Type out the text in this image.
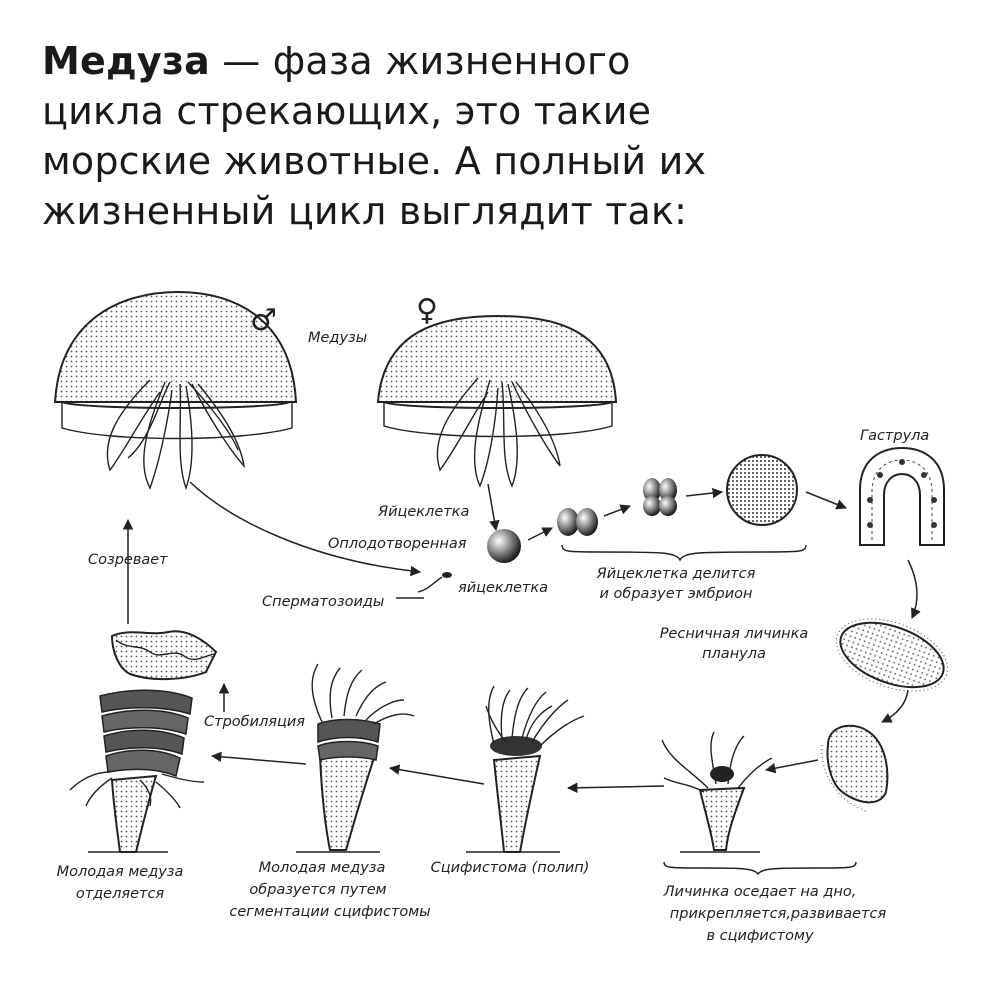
Медуза — фаза жизненного
цикла стрекающих, это такие
морские животные. А полный их
жизненный цикл выглядит так:
♂	♀
Медузы
Яйцеклетка
Оплодотворенная
яйцеклетка
Сперматозоиды
Яйцеклетка делится
и образует эмбрион
Гаструла
Ресничная личинка
планула
Личинка оседает на дно,
прикрепляется,развивается
в сцифистому
Сцифистома (полип)
Молодая медуза
образуется путем
сегментации сцифистомы
Стробиляция
Созревает
Молодая медуза
отделяется
